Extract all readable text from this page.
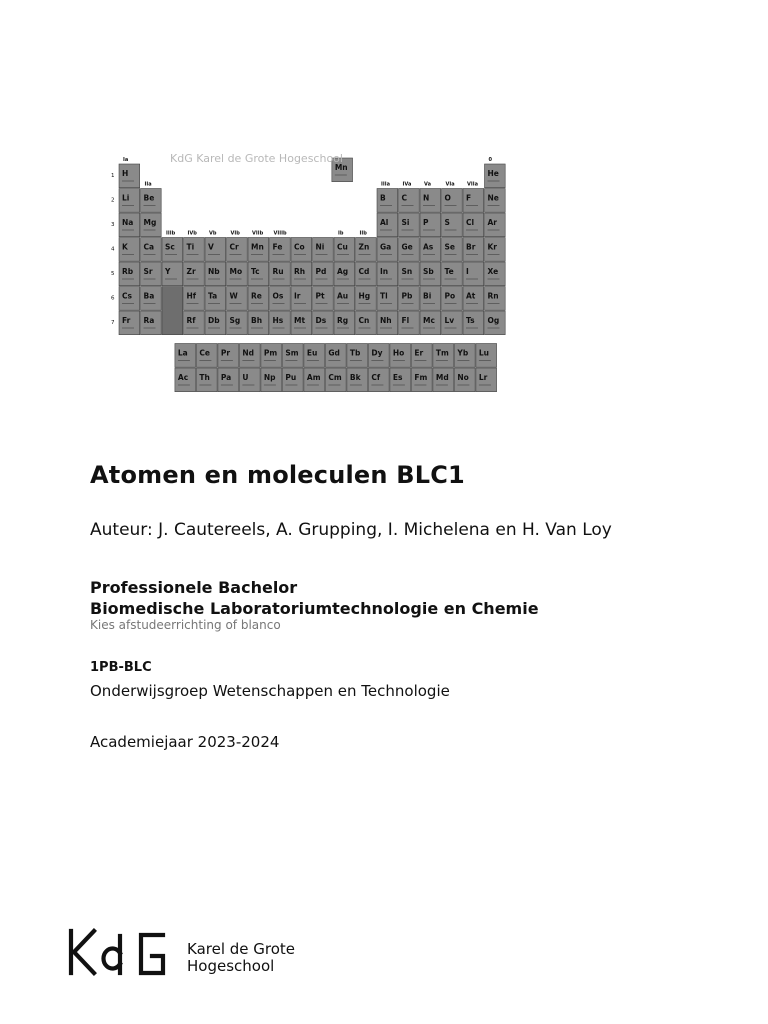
H	He
Li Be	B C N O F Ne
Na Mg	Al Si P S Cl Ar
K Ca Sc Ti V Cr Mn Fe Co Ni Cu Zn Ga Ge As Se Br Kr
Rb Sr Y Zr Nb Mo Tc Ru Rh Pd Ag Cd In Sn Sb Te I Xe
Cs Ba	Hf Ta W Re Os Ir Pt Au Hg Tl Pb Bi Po At Rn
Fr Ra	Rf Db Sg Bh Hs Mt Ds Rg Cn Nh Fl Mc Lv Ts Og
1
2
3
4
5
6
7
Ia
IIa
IIIb IVb Vb	VIb VIIb VIIIb	Ib	IIb
IIIa	IVa	Va	VIa VIIa
0
La Ce Pr Nd Pm Sm Eu Gd Tb Dy Ho Er Tm Yb Lu
Ac Th Pa U Np Pu Am Cm Bk Cf Es Fm Md No Lr
Mn
KdG Karel de Grote Hogeschool
Atomen en moleculen BLC1
Auteur: J. Cautereels, A. Grupping, I. Michelena en H. Van Loy
Professionele Bachelor
Biomedische Laboratoriumtechnologie en Chemie
Kies afstudeerrichting of blanco
1PB-BLC
Onderwijsgroep Wetenschappen en Technologie
Academiejaar 2023-2024
Karel de Grote
Hogeschool
